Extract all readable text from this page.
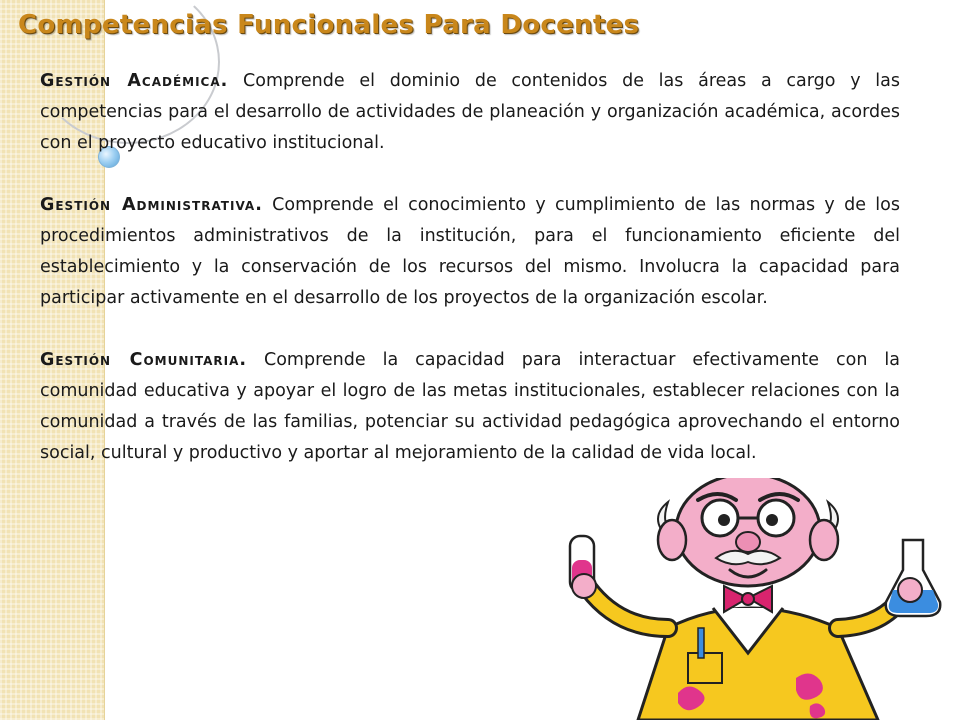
Competencias Funcionales Para Docentes

Gestión Académica. Comprende el dominio de contenidos de las áreas a cargo y las competencias para el desarrollo de actividades de planeación y organización académica, acordes con el proyecto educativo institucional.

Gestión Administrativa. Comprende el conocimiento y cumplimiento de las normas y de los procedimientos administrativos de la institución, para el funcionamiento eficiente del establecimiento y la conservación de los recursos del mismo. Involucra la capacidad para participar activamente en el desarrollo de los proyectos de la organización escolar.

Gestión Comunitaria. Comprende la capacidad para interactuar efectivamente con la comunidad educativa y apoyar el logro de las metas institucionales, establecer relaciones con la comunidad a través de las familias, potenciar su actividad pedagógica aprovechando el entorno social, cultural y productivo y aportar al mejoramiento de la calidad de vida local.
